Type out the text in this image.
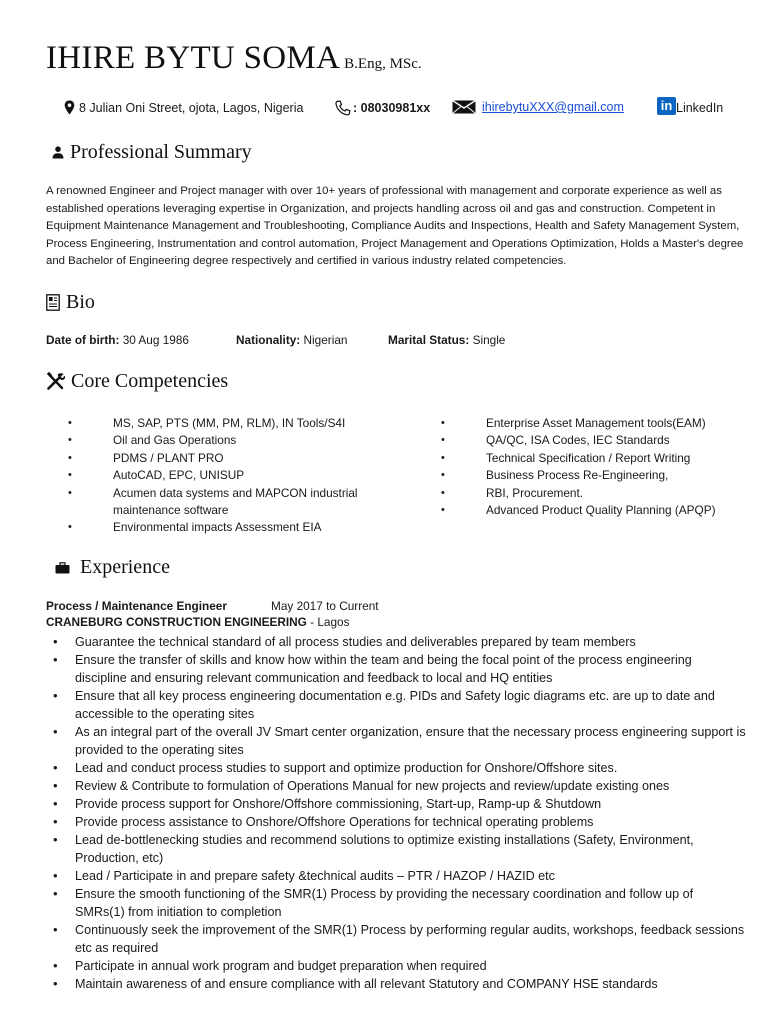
IHIRE BYTU SOMA B.Eng, MSc.
8 Julian Oni Street, ojota, Lagos, Nigeria	:
08030981xx	ihirebytuXXX@gmail.com	in LinkedIn
Professional Summary

A renowned Engineer and Project manager with over 10+ years of professional with management and corporate experience as well as established operations leveraging expertise in Organization, and projects handling across oil and gas and construction. Competent in Equipment Maintenance Management and Troubleshooting, Compliance Audits and Inspections, Health and Safety Management System, Process Engineering, Instrumentation and control automation, Project Management and Operations Optimization, Holds a Master's degree and Bachelor of Engineering degree respectively and certified in various industry related competencies.

Bio
Date of birth: 30 Aug 1986	Nationality: Nigerian	Marital Status: Single
Core Competencies
• MS, SAP, PTS (MM, PM, RLM), IN Tools/S4I
• Oil and Gas Operations
• PDMS / PLANT PRO
• AutoCAD, EPC, UNISUP
• Acumen data systems and MAPCON industrial maintenance software
• Environmental impacts Assessment EIA
• Enterprise Asset Management tools(EAM)
• QA/QC, ISA Codes, IEC Standards
• Technical Specification / Report Writing
• Business Process Re-Engineering,
• RBI, Procurement.
• Advanced Product Quality Planning (APQP)
Experience
Process / Maintenance Engineer	May 2017 to Current
CRANEBURG CONSTRUCTION ENGINEERING - Lagos
• Guarantee the technical standard of all process studies and deliverables prepared by team members
• Ensure the transfer of skills and know how within the team and being the focal point of the process engineering discipline and ensuring relevant communication and feedback to local and HQ entities
• Ensure that all key process engineering documentation e.g. PIDs and Safety logic diagrams etc. are up to date and accessible to the operating sites
• As an integral part of the overall JV Smart center organization, ensure that the necessary process engineering support is provided to the operating sites
• Lead and conduct process studies to support and optimize production for Onshore/Offshore sites.
• Review & Contribute to formulation of Operations Manual for new projects and review/update existing ones
• Provide process support for Onshore/Offshore commissioning, Start-up, Ramp-up & Shutdown
• Provide process assistance to Onshore/Offshore Operations for technical operating problems
• Lead de-bottlenecking studies and recommend solutions to optimize existing installations (Safety, Environment, Production, etc)
• Lead / Participate in and prepare safety &technical audits – PTR / HAZOP / HAZID etc
• Ensure the smooth functioning of the SMR(1) Process by providing the necessary coordination and follow up of SMRs(1) from initiation to completion
• Continuously seek the improvement of the SMR(1) Process by performing regular audits, workshops, feedback sessions etc as required
• Participate in annual work program and budget preparation when required
• Maintain awareness of and ensure compliance with all relevant Statutory and COMPANY HSE standards
